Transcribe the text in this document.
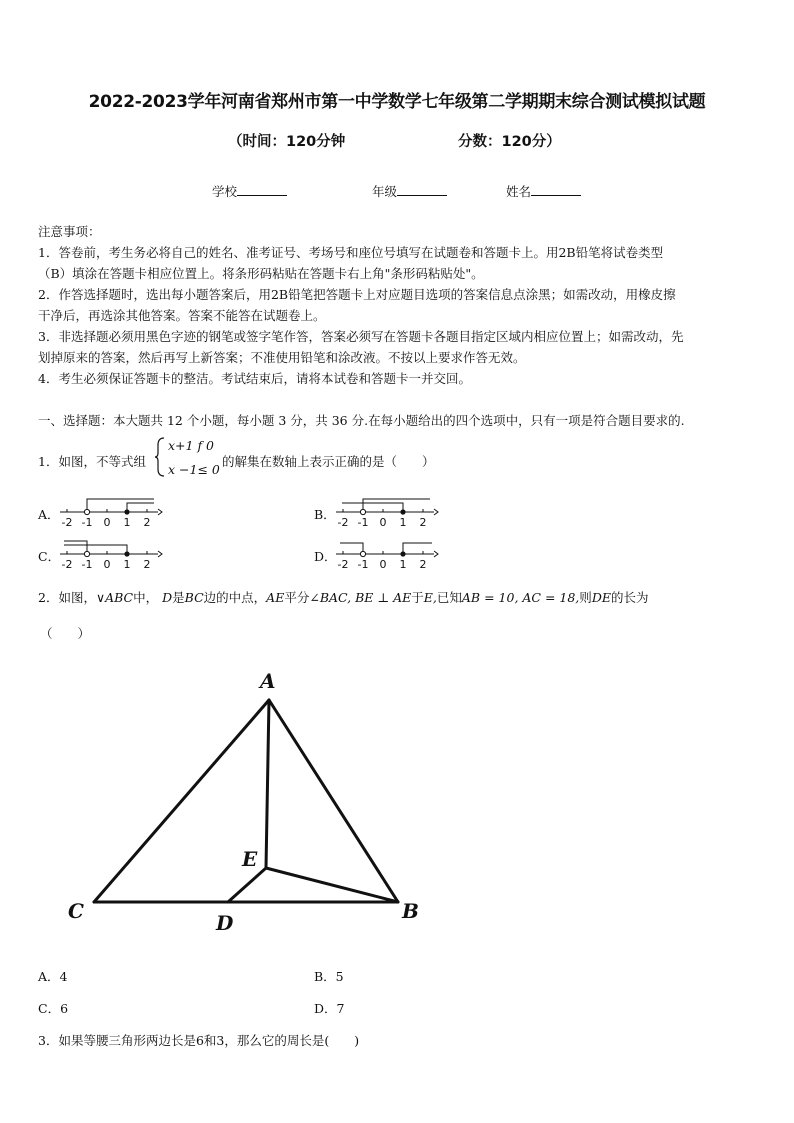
2022-2023学年河南省郑州市第一中学数学七年级第二学期期末综合测试模拟试题
（时间：120分钟	分数：120分）
学校	年级	姓名
注意事项：
1．答卷前，考生务必将自己的姓名、准考证号、考场号和座位号填写在试题卷和答题卡上。用2B铅笔将试卷类型
（B）填涂在答题卡相应位置上。将条形码粘贴在答题卡右上角"条形码粘贴处"。
2．作答选择题时，选出每小题答案后，用2B铅笔把答题卡上对应题目选项的答案信息点涂黑；如需改动，用橡皮擦
干净后，再选涂其他答案。答案不能答在试题卷上。
3．非选择题必须用黑色字迹的钢笔或签字笔作答，答案必须写在答题卡各题目指定区域内相应位置上；如需改动，先
划掉原来的答案，然后再写上新答案；不准使用铅笔和涂改液。不按以上要求作答无效。
4．考生必须保证答题卡的整洁。考试结束后，请将本试卷和答题卡一并交回。
一、选择题：本大题共 12 个小题，每小题 3 分，共 36 分.在每小题给出的四个选项中，只有一项是符合题目要求的.
1．如图，不等式组
x+1 f 0
x −1≤ 0
的解集在数轴上表示正确的是（　　）
A．	B．
C．	D．
-2 -1 0 1 2	-2 -1 0 1 2
-2 -1 0 1 2	-2 -1 0 1 2
2．如图，∨ABC中， D是BC边的中点，AE平分∠BAC, BE ⊥ AE于E,已知AB = 10, AC = 18,则DE的长为
（　　）
A
C	B
D
E
A．4	B．5
C．6	D．7
3．如果等腰三角形两边长是6和3，那么它的周长是(　　)
